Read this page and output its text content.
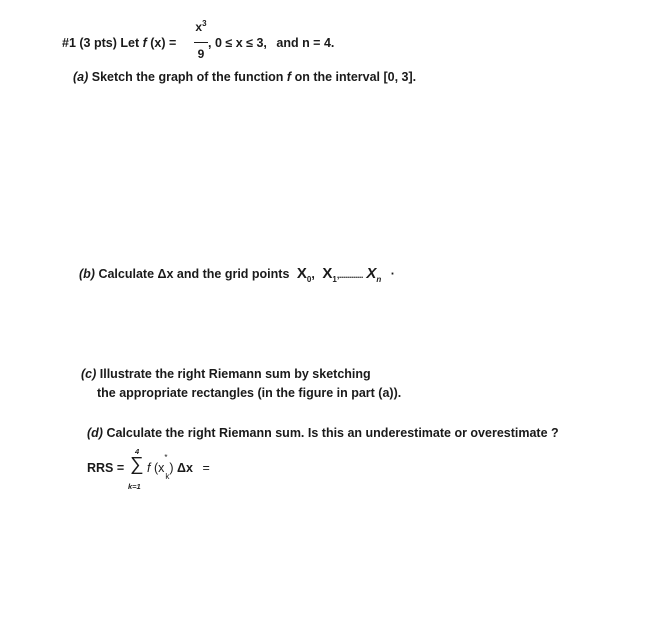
#1 (3 pts) Let f (x) =
$x^3$
9
, 0 ≤ x ≤ 3, and n = 4.
(a) Sketch the graph of the function f on the interval [0, 3].
(b) Calculate Δx and the grid points $X_0$, $X_1$,............ $X_n$ ·
(c) Illustrate the right Riemann sum by sketching
the appropriate rectangles (in the figure in part (a)).
(d) Calculate the right Riemann sum. Is this an underestimate or overestimate ?
RRS =
4
∑
k=1
f (x
*
$_k$) Δx =
